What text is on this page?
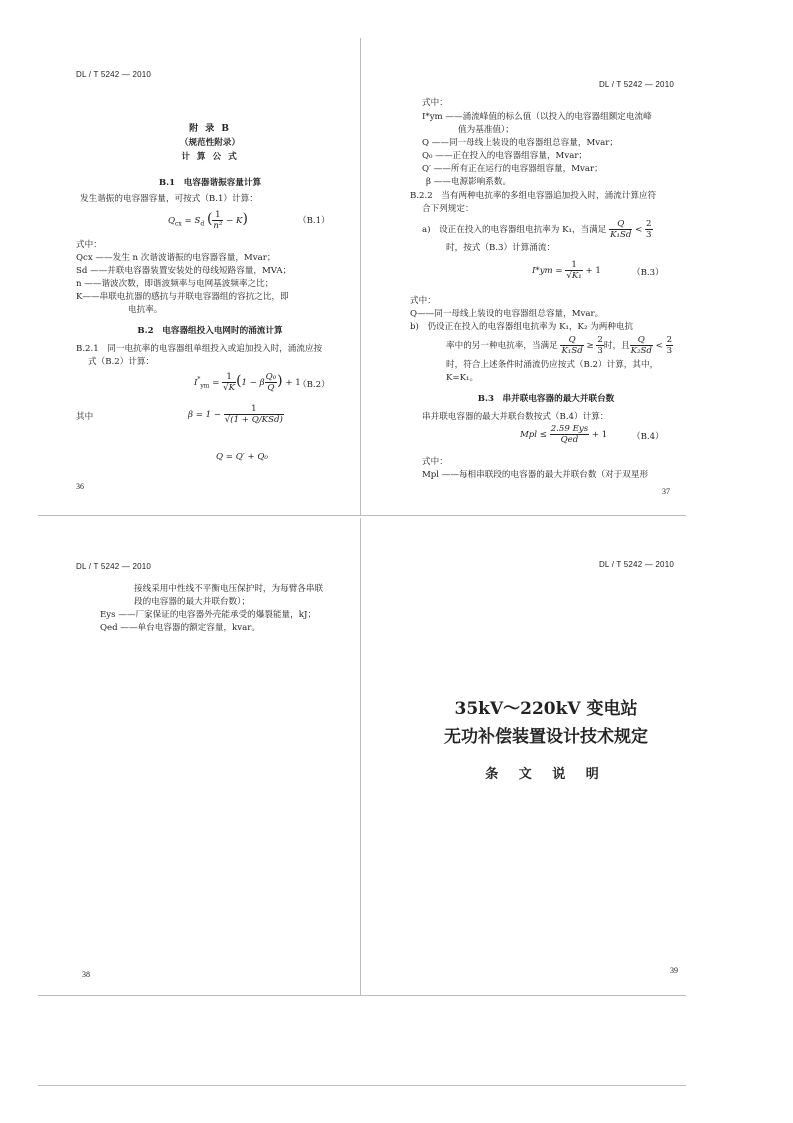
DL / T 5242 — 2010
附 录 B
（规范性附录）
计 算 公 式
B.1　电容器谐振容量计算
发生谐振的电容器容量，可按式（B.1）计算：
$Q_{cx} = S_d$ ( $\frac{1}{\text{n²}} - K$)	（B.1）
式中：
Qcx ——发生 n 次谐波谐振的电容器容量，Mvar；
Sd ——并联电容器装置安装处的母线短路容量，MVA；
n ——谐波次数，即谐波频率与电网基波频率之比；
K——串联电抗器的感抗与并联电容器组的容抗之比，即
电抗率。
B.2　电容器组投入电网时的涌流计算
B.2.1　同一电抗率的电容器组单组投入或追加投入时，涌流应按
式（B.2）计算：
$I^*_{ym} = \frac{1}{√K} (1 - \beta \frac{\text{Q₀}}{Q}$ ) + 1
（B.2）
其中	$\beta = 1 - \frac{1}{\text{√(1 + Q/KSd)}}$
Q = Q′ + Q₀
36
DL / T 5242 — 2010
式中：
I*ym ——涌流峰值的标么值（以投入的电容器组额定电流峰
值为基准值）；
Q ——同一母线上装设的电容器组总容量，Mvar；
Q₀ ——正在投入的电容器组容量，Mvar；
Q′ ——所有正在运行的电容器组容量，Mvar；
β ——电源影响系数。
B.2.2　当有两种电抗率的多组电容器追加投入时，涌流计算应符
合下列规定：
a)　设正在投入的电容器组电抗率为 K₁，当满足 $\frac{Q}{\text{K₁Sd}} < \frac{2}{3}$
时，按式（B.3）计算涌流：
$I*ym = \frac{1}{\text{√K₁}} + 1$	（B.3）
式中：
Q——同一母线上装设的电容器组总容量，Mvar。
b)　仍设正在投入的电容器组电抗率为 K₁，K₂ 为两种电抗
率中的另一种电抗率，当满足 $\frac{Q}{\text{K₁Sd}} \ge \frac{2}{3}$ 时，且 $\frac{Q}{\text{K₂Sd}} < \frac{2}{3}$
时，符合上述条件时涌流仍应按式（B.2）计算，其中，
K=K₁。
B.3　串并联电容器的最大并联台数
串并联电容器的最大并联台数按式（B.4）计算：
Mpl ≤ $\frac{\text{2.59 Eys}}{\text{Qed}} + 1$	（B.4）
式中：
Mpl ——每相串联段的电容器的最大并联台数（对于双星形
37
DL / T 5242 — 2010
接线采用中性线不平衡电压保护时，为每臂各串联
段的电容器的最大并联台数）；
Eys ——厂家保证的电容器外壳能承受的爆裂能量，kJ；
Qed ——单台电容器的额定容量，kvar。
38
DL / T 5242 — 2010
35kV～220kV 变电站
无功补偿装置设计技术规定
条 文 说 明
39
